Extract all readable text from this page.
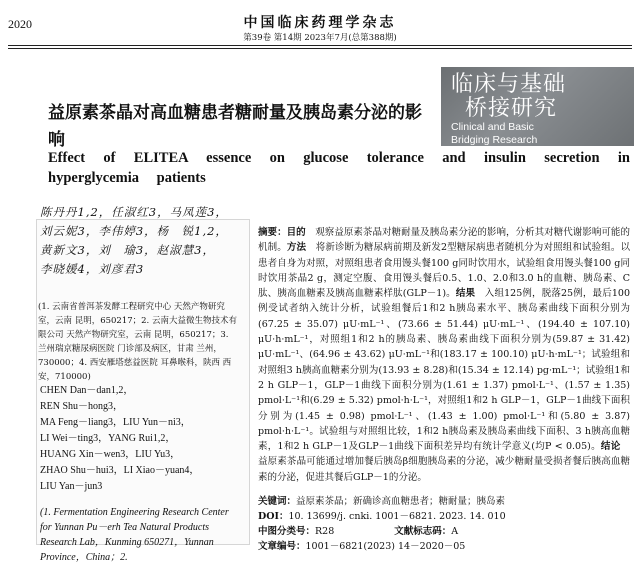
2020	中国临床药理学杂志
第39卷 第14期 2023年7月(总第388期)
临床与基础
桥接研究
Clinical and Basic
Bridging Research
益原素茶晶对高血糖患者糖耐量及胰岛素分泌的影响
Effect of ELITEA essence on glucose tolerance and insulin secretion in hyperglycemia patients
陈丹丹1,2，任淑红3，马凤莲3，
刘云妮3，李伟婷3，杨　锐1,2，
黄新文3，刘　瑜3，赵淑慧3，
李晓媛4，刘彦君3
(1. 云南省普洱茶发酵工程研究中心 天然产物研究室，云南 昆明，650217；2. 云南大益微生物技术有限公司 天然产物研究室，云南 昆明，650217；3. 兰州瑞京糖尿病医院 门诊部及病区，甘肃 兰州，730000；4. 西安雁塔慈益医院 耳鼻喉科，陕西 西安，710000)
CHEN Dan－dan1,2，
REN Shu－hong3，
MA Feng－liang3，LIU Yun－ni3，
LI Wei－ting3，YANG Rui1,2，
HUANG Xin－wen3，LIU Yu3，
ZHAO Shu－hui3，LI Xiao－yuan4，
LIU Yan－jun3
(1. Fermentation Engineering Research Center for Yunnan Pu－erh Tea Natural Products Research Lab，Kunming 650271，Yunnan Province，China；2.
摘要：目的　观察益原素茶晶对糖耐量及胰岛素分泌的影响，分析其对糖代谢影响可能的机制。方法　将新诊断为糖尿病前期及新发2型糖尿病患者随机分为对照组和试验组。以患者自身为对照，对照组患者食用馒头餐100 g同时饮用水，试验组食用馒头餐100 g同时饮用茶晶2 g，测定空腹、食用馒头餐后0.5、1.0、2.0和3.0 h的血糖、胰岛素、C肽、胰高血糖素及胰高血糖素样肽(GLP－1)。结果　入组125例，脱落25例，最后100例受试者纳入统计分析，试验组餐后1和2 h胰岛素水平、胰岛素曲线下面积分别为(67.25 ± 35.07) μU·mL⁻¹、(73.66 ± 51.44) μU·mL⁻¹、(194.40 ± 107.10) μU·h·mL⁻¹，对照组1和2 h的胰岛素、胰岛素曲线下面积分别为(59.87 ± 31.42) μU·mL⁻¹、(64.96 ± 43.62) μU·mL⁻¹和(183.17 ± 100.10) μU·h·mL⁻¹；试验组和对照组3 h胰高血糖素分别为(13.93 ± 8.28)和(15.34 ± 12.14) pg·mL⁻¹；试验组1和2 h GLP－1，GLP－1曲线下面积分别为(1.61 ± 1.37) pmol·L⁻¹、(1.57 ± 1.35) pmol·L⁻¹和(6.29 ± 5.32) pmol·h·L⁻¹，对照组1和2 h GLP－1，GLP－1曲线下面积分别为(1.45 ± 0.98) pmol·L⁻¹、(1.43 ± 1.00) pmol·L⁻¹和(5.80 ± 3.87) pmol·h·L⁻¹。试验组与对照组比较，1和2 h胰岛素及胰岛素曲线下面积、3 h胰高血糖素，1和2 h GLP－1及GLP－1曲线下面积差异均有统计学意义(均P < 0.05)。结论　益原素茶晶可能通过增加餐后胰岛β细胞胰岛素的分泌，减少糖耐量受损者餐后胰高血糖素的分泌，促进其餐后GLP－1的分泌。
关键词：益原素茶晶；新确诊高血糖患者；糖耐量；胰岛素
DOI：10. 13699/j. cnki. 1001－6821. 2023. 14. 010
中图分类号：R28	文献标志码：A
文章编号：1001－6821(2023) 14－2020－05
